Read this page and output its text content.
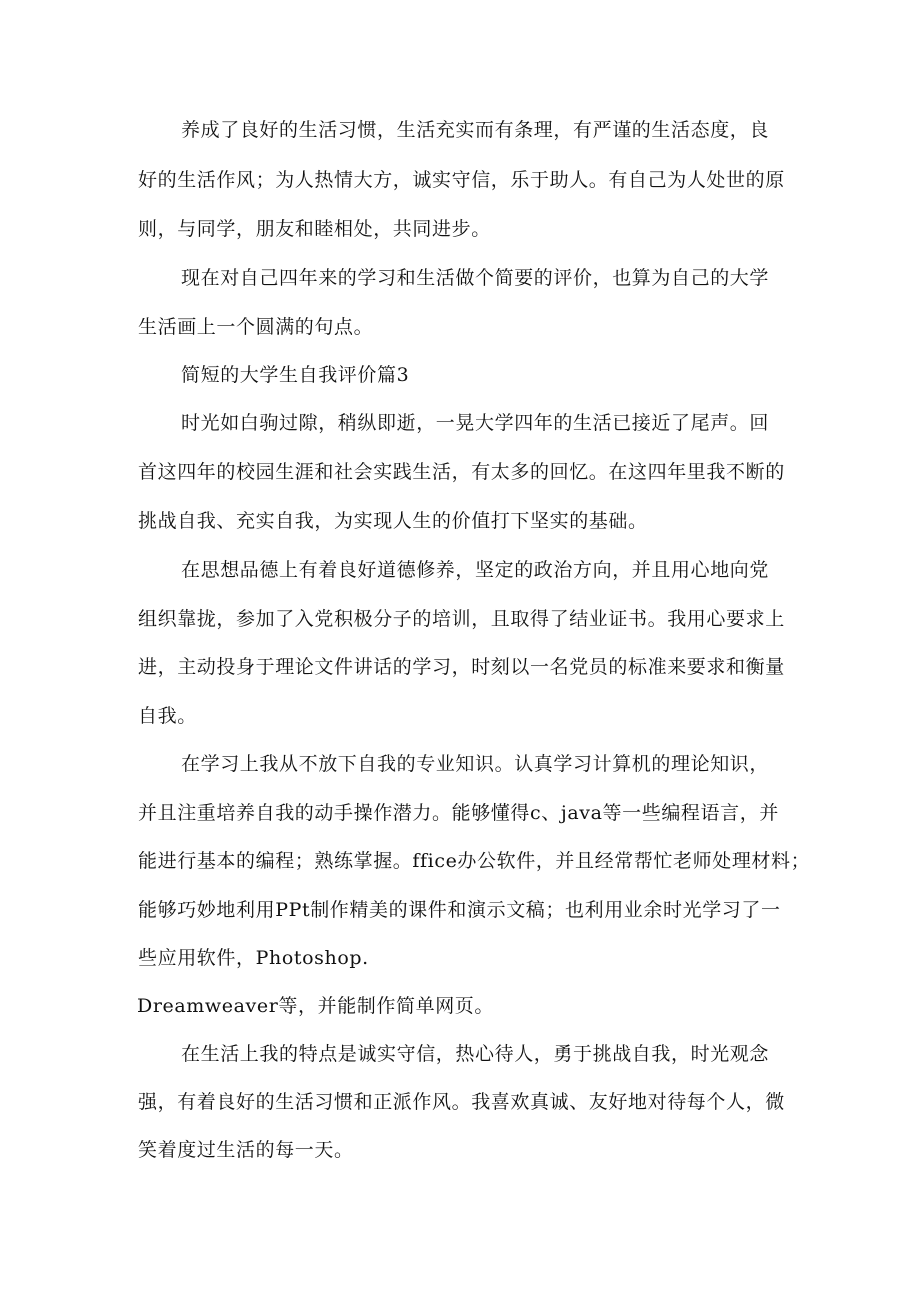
养成了良好的生活习惯，生活充实而有条理，有严谨的生活态度，良
好的生活作风；为人热情大方，诚实守信，乐于助人。有自己为人处世的原
则，与同学，朋友和睦相处，共同进步。
现在对自己四年来的学习和生活做个简要的评价，也算为自己的大学
生活画上一个圆满的句点。
简短的大学生自我评价篇3
时光如白驹过隙，稍纵即逝，一晃大学四年的生活已接近了尾声。回
首这四年的校园生涯和社会实践生活，有太多的回忆。在这四年里我不断的
挑战自我、充实自我，为实现人生的价值打下坚实的基础。
在思想品德上有着良好道德修养，坚定的政治方向，并且用心地向党
组织靠拢，参加了入党积极分子的培训，且取得了结业证书。我用心要求上
进，主动投身于理论文件讲话的学习，时刻以一名党员的标准来要求和衡量
自我。
在学习上我从不放下自我的专业知识。认真学习计算机的理论知识，
并且注重培养自我的动手操作潜力。能够懂得c、java等一些编程语言，并
能进行基本的编程；熟练掌握。ffice办公软件，并且经常帮忙老师处理材料；
能够巧妙地利用PPt制作精美的课件和演示文稿；也利用业余时光学习了一
些应用软件，Photoshop.
Dreamweaver等，并能制作简单网页。
在生活上我的特点是诚实守信，热心待人，勇于挑战自我，时光观念
强，有着良好的生活习惯和正派作风。我喜欢真诚、友好地对待每个人，微
笑着度过生活的每一天。
